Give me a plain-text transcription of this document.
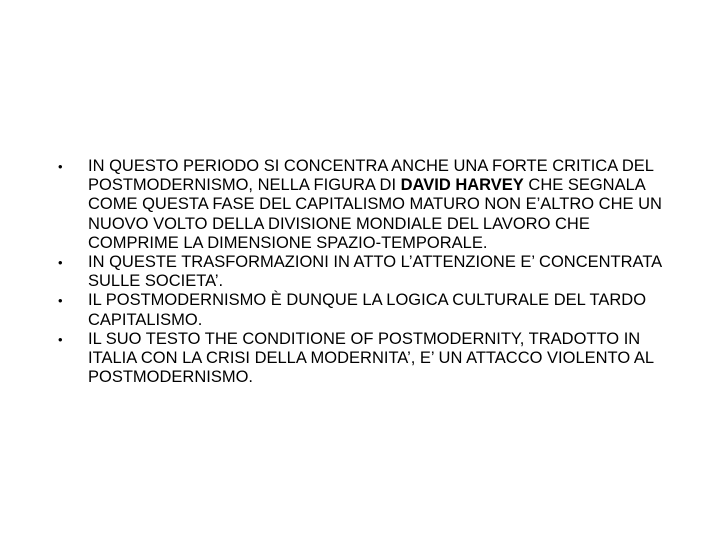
•	IN QUESTO PERIODO SI CONCENTRA ANCHE UNA FORTE CRITICA DEL POSTMODERNISMO, NELLA FIGURA DI DAVID HARVEY CHE SEGNALA COME QUESTA FASE DEL CAPITALISMO MATURO NON E’ALTRO CHE UN NUOVO VOLTO DELLA DIVISIONE MONDIALE DEL LAVORO CHE COMPRIME LA DIMENSIONE SPAZIO-TEMPORALE.
•	IN QUESTE TRASFORMAZIONI IN ATTO L’ATTENZIONE E’ CONCENTRATA SULLE SOCIETA’.
•	IL POSTMODERNISMO È DUNQUE LA LOGICA CULTURALE DEL TARDO CAPITALISMO.
•	IL SUO TESTO THE CONDITIONE OF POSTMODERNITY, TRADOTTO IN ITALIA CON LA CRISI DELLA MODERNITA’, E’ UN ATTACCO VIOLENTO AL POSTMODERNISMO.
